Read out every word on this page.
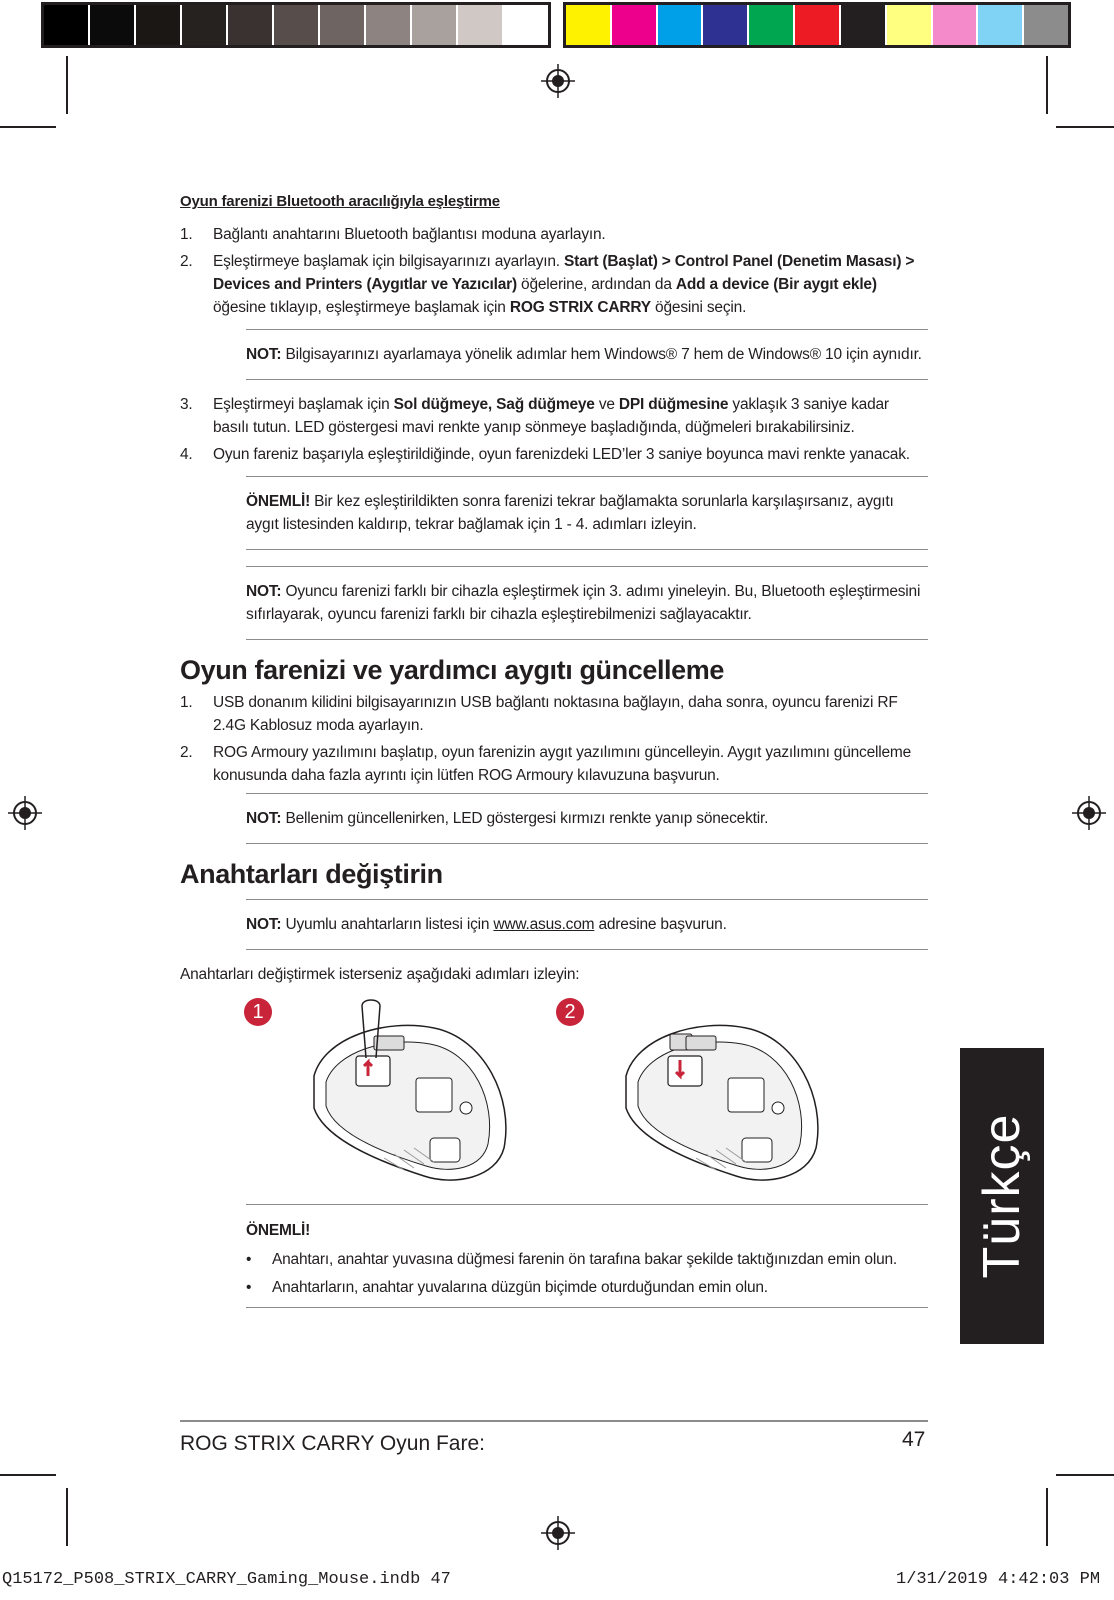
Oyun farenizi Bluetooth aracılığıyla eşleştirme
1. Bağlantı anahtarını Bluetooth bağlantısı moduna ayarlayın.
2. Eşleştirmeye başlamak için bilgisayarınızı ayarlayın. Start (Başlat) > Control Panel (Denetim Masası) > Devices and Printers (Aygıtlar ve Yazıcılar) öğelerine, ardından da Add a device (Bir aygıt ekle) öğesine tıklayıp, eşleştirmeye başlamak için ROG STRIX CARRY öğesini seçin.

NOT: Bilgisayarınızı ayarlamaya yönelik adımlar hem Windows® 7 hem de Windows® 10 için aynıdır.

3. Eşleştirmeyi başlamak için Sol düğmeye, Sağ düğmeye ve DPI düğmesine yaklaşık 3 saniye kadar basılı tutun. LED göstergesi mavi renkte yanıp sönmeye başladığında, düğmeleri bırakabilirsiniz.
4. Oyun fareniz başarıyla eşleştirildiğinde, oyun farenizdeki LED’ler 3 saniye boyunca mavi renkte yanacak.

ÖNEMLİ! Bir kez eşleştirildikten sonra farenizi tekrar bağlamakta sorunlarla karşılaşırsanız, aygıtı aygıt listesinden kaldırıp, tekrar bağlamak için 1 - 4. adımları izleyin.

NOT: Oyuncu farenizi farklı bir cihazla eşleştirmek için 3. adımı yineleyin. Bu, Bluetooth eşleştirmesini sıfırlayarak, oyuncu farenizi farklı bir cihazla eşleştirebilmenizi sağlayacaktır.

Oyun farenizi ve yardımcı aygıtı güncelleme
1. USB donanım kilidini bilgisayarınızın USB bağlantı noktasına bağlayın, daha sonra, oyuncu farenizi RF 2.4G Kablosuz moda ayarlayın.
2. ROG Armoury yazılımını başlatıp, oyun farenizin aygıt yazılımını güncelleyin. Aygıt yazılımını güncelleme konusunda daha fazla ayrıntı için lütfen ROG Armoury kılavuzuna başvurun.

NOT: Bellenim güncellenirken, LED göstergesi kırmızı renkte yanıp sönecektir.

Anahtarları değiştirin

NOT: Uyumlu anahtarların listesi için www.asus.com adresine başvurun.

Anahtarları değiştirmek isterseniz aşağıdaki adımları izleyin:

1	2

ÖNEMLİ!

• Anahtarı, anahtar yuvasına düğmesi farenin ön tarafına bakar şekilde taktığınızdan emin olun.
• Anahtarların, anahtar yuvalarına düzgün biçimde oturduğundan emin olun.
Türkçe
ROG STRIX CARRY Oyun Fare:	47
Q15172_P508_STRIX_CARRY_Gaming_Mouse.indb 47	1/31/2019 4:42:03 PM
